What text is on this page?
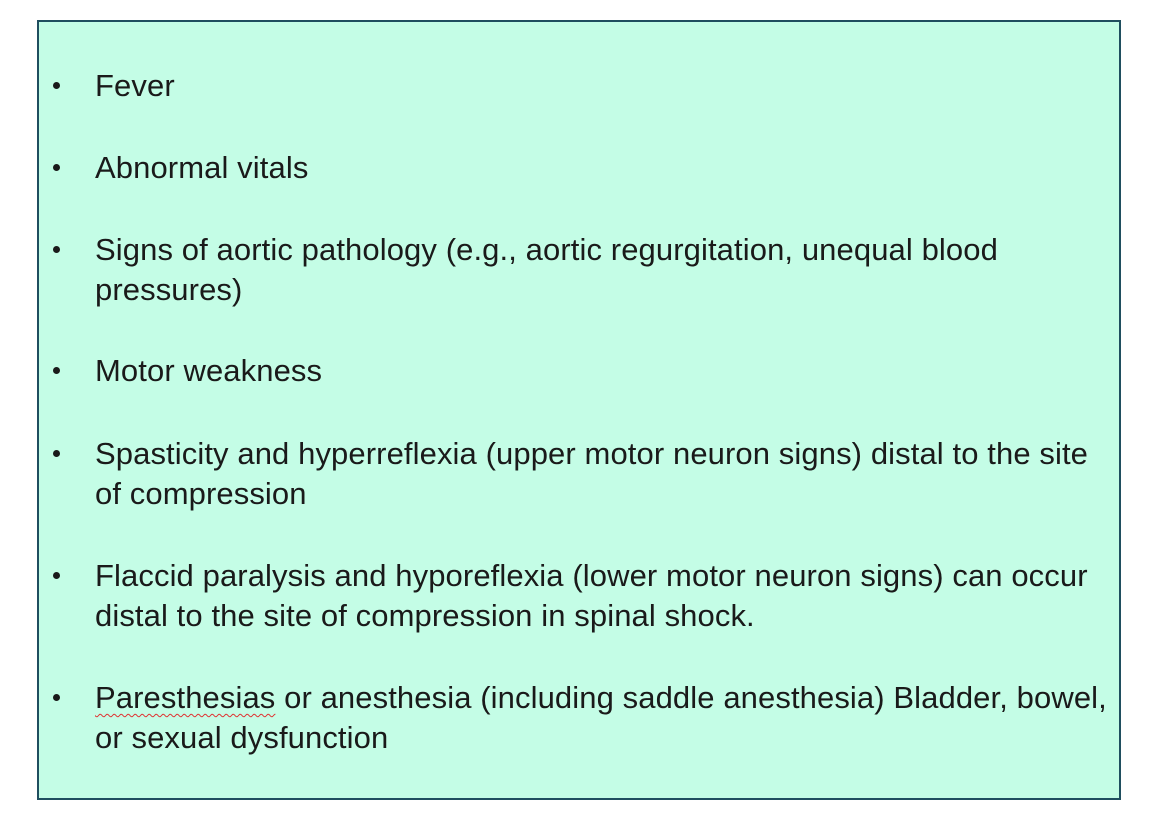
Fever
Abnormal vitals
Signs of aortic pathology (e.g., aortic regurgitation, unequal blood pressures)
Motor weakness
Spasticity and hyperreflexia (upper motor neuron signs) distal to the site of compression
Flaccid paralysis and hyporeflexia (lower motor neuron signs) can occur distal to the site of compression in spinal shock.
Paresthesias or anesthesia (including saddle anesthesia) Bladder, bowel, or sexual dysfunction
